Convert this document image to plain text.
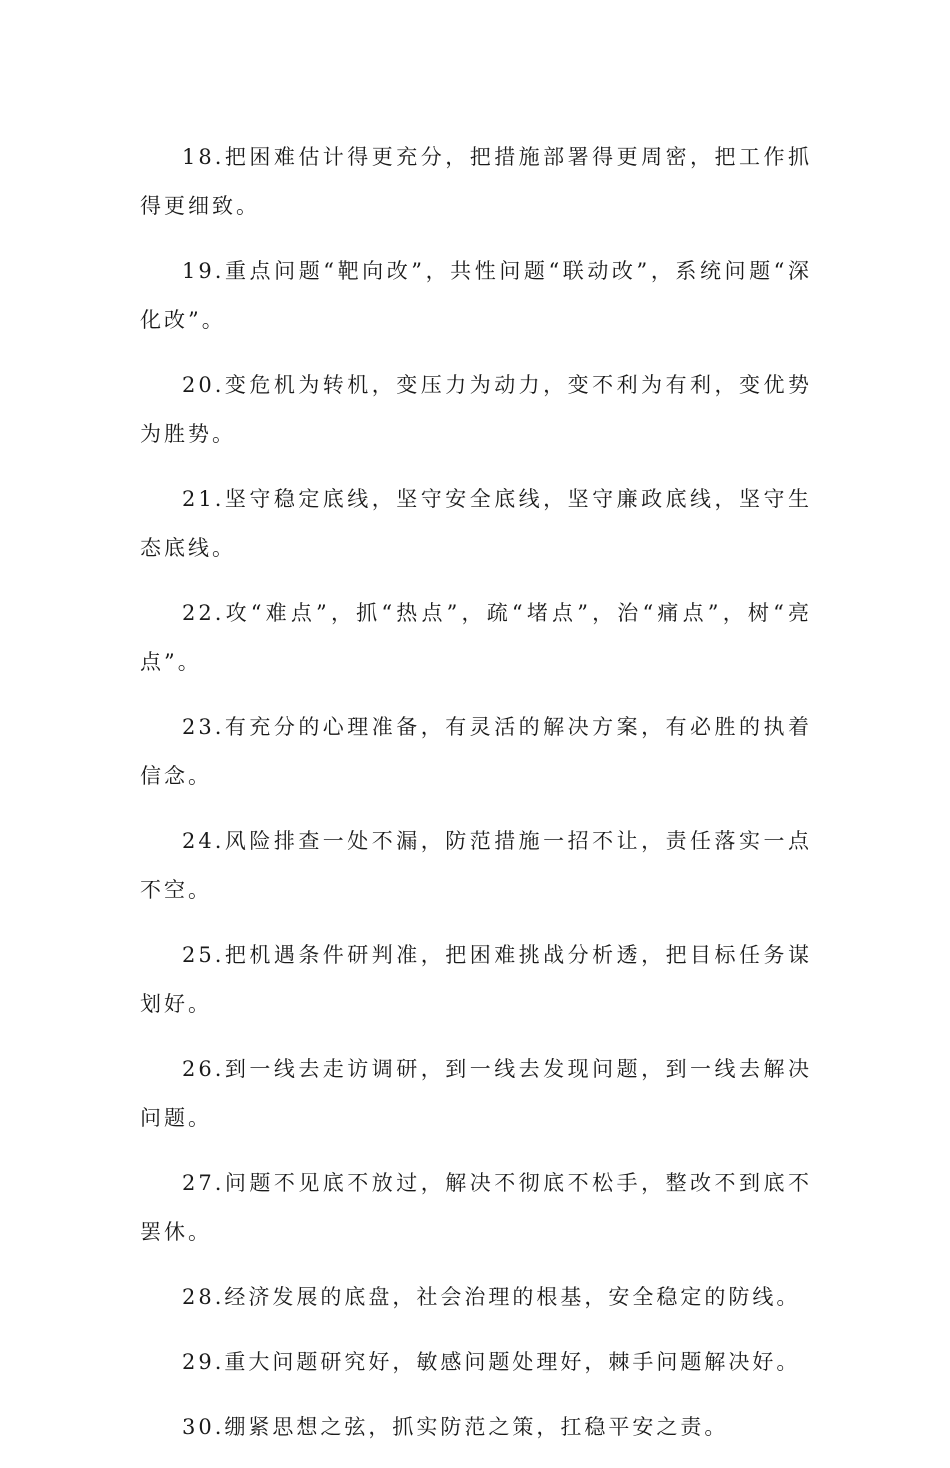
18.把困难估计得更充分，把措施部署得更周密，把工作抓得更细致。

19.重点问题“靶向改”，共性问题“联动改”，系统问题“深化改”。

20.变危机为转机，变压力为动力，变不利为有利，变优势为胜势。

21.坚守稳定底线，坚守安全底线，坚守廉政底线，坚守生态底线。

22.攻“难点”，抓“热点”，疏“堵点”，治“痛点”，树“亮点”。

23.有充分的心理准备，有灵活的解决方案，有必胜的执着信念。

24.风险排查一处不漏，防范措施一招不让，责任落实一点不空。

25.把机遇条件研判准，把困难挑战分析透，把目标任务谋划好。

26.到一线去走访调研，到一线去发现问题，到一线去解决问题。

27.问题不见底不放过，解决不彻底不松手，整改不到底不罢休。

28.经济发展的底盘，社会治理的根基，安全稳定的防线。

29.重大问题研究好，敏感问题处理好，棘手问题解决好。

30.绷紧思想之弦，抓实防范之策，扛稳平安之责。
